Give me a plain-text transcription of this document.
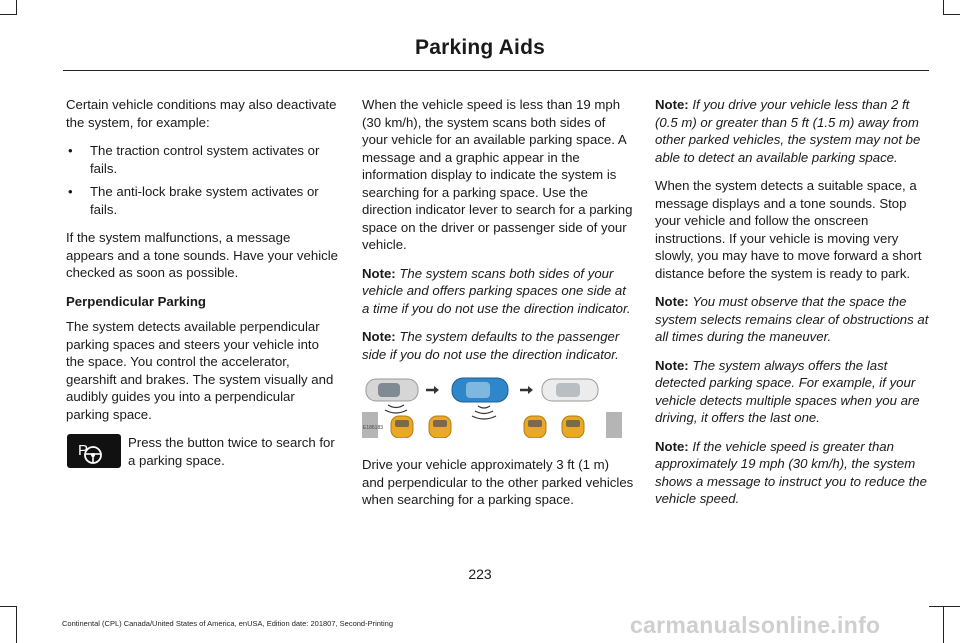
Parking Aids

Certain vehicle conditions may also deactivate the system, for example:

• The traction control system activates or fails.
• The anti-lock brake system activates or fails.

If the system malfunctions, a message appears and a tone sounds. Have your vehicle checked as soon as possible.

Perpendicular Parking

The system detects available perpendicular parking spaces and steers your vehicle into the space. You control the accelerator, gearshift and brakes. The system visually and audibly guides you into a perpendicular parking space.

P	Press the button twice to search for a parking space.

When the vehicle speed is less than 19 mph (30 km/h), the system scans both sides of your vehicle for an available parking space. A message and a graphic appear in the information display to indicate the system is searching for a parking space. Use the direction indicator lever to search for a parking space on the driver or passenger side of your vehicle.

Note: The system scans both sides of your vehicle and offers parking spaces one side at a time if you do not use the direction indicator.

Note: The system defaults to the passenger side if you do not use the direction indicator.

E186183

Drive your vehicle approximately 3 ft (1 m) and perpendicular to the other parked vehicles when searching for a parking space.

Note: If you drive your vehicle less than 2 ft (0.5 m) or greater than 5 ft (1.5 m) away from other parked vehicles, the system may not be able to detect an available parking space.

When the system detects a suitable space, a message displays and a tone sounds. Stop your vehicle and follow the onscreen instructions. If your vehicle is moving very slowly, you may have to move forward a short distance before the system is ready to park.

Note: You must observe that the space the system selects remains clear of obstructions at all times during the maneuver.

Note: The system always offers the last detected parking space. For example, if your vehicle detects multiple spaces when you are driving, it offers the last one.

Note: If the vehicle speed is greater than approximately 19 mph (30 km/h), the system shows a message to instruct you to reduce the vehicle speed.

223
Continental (CPL) Canada/United States of America, enUSA, Edition date: 201807, Second-Printing	carmanualsonline.info
